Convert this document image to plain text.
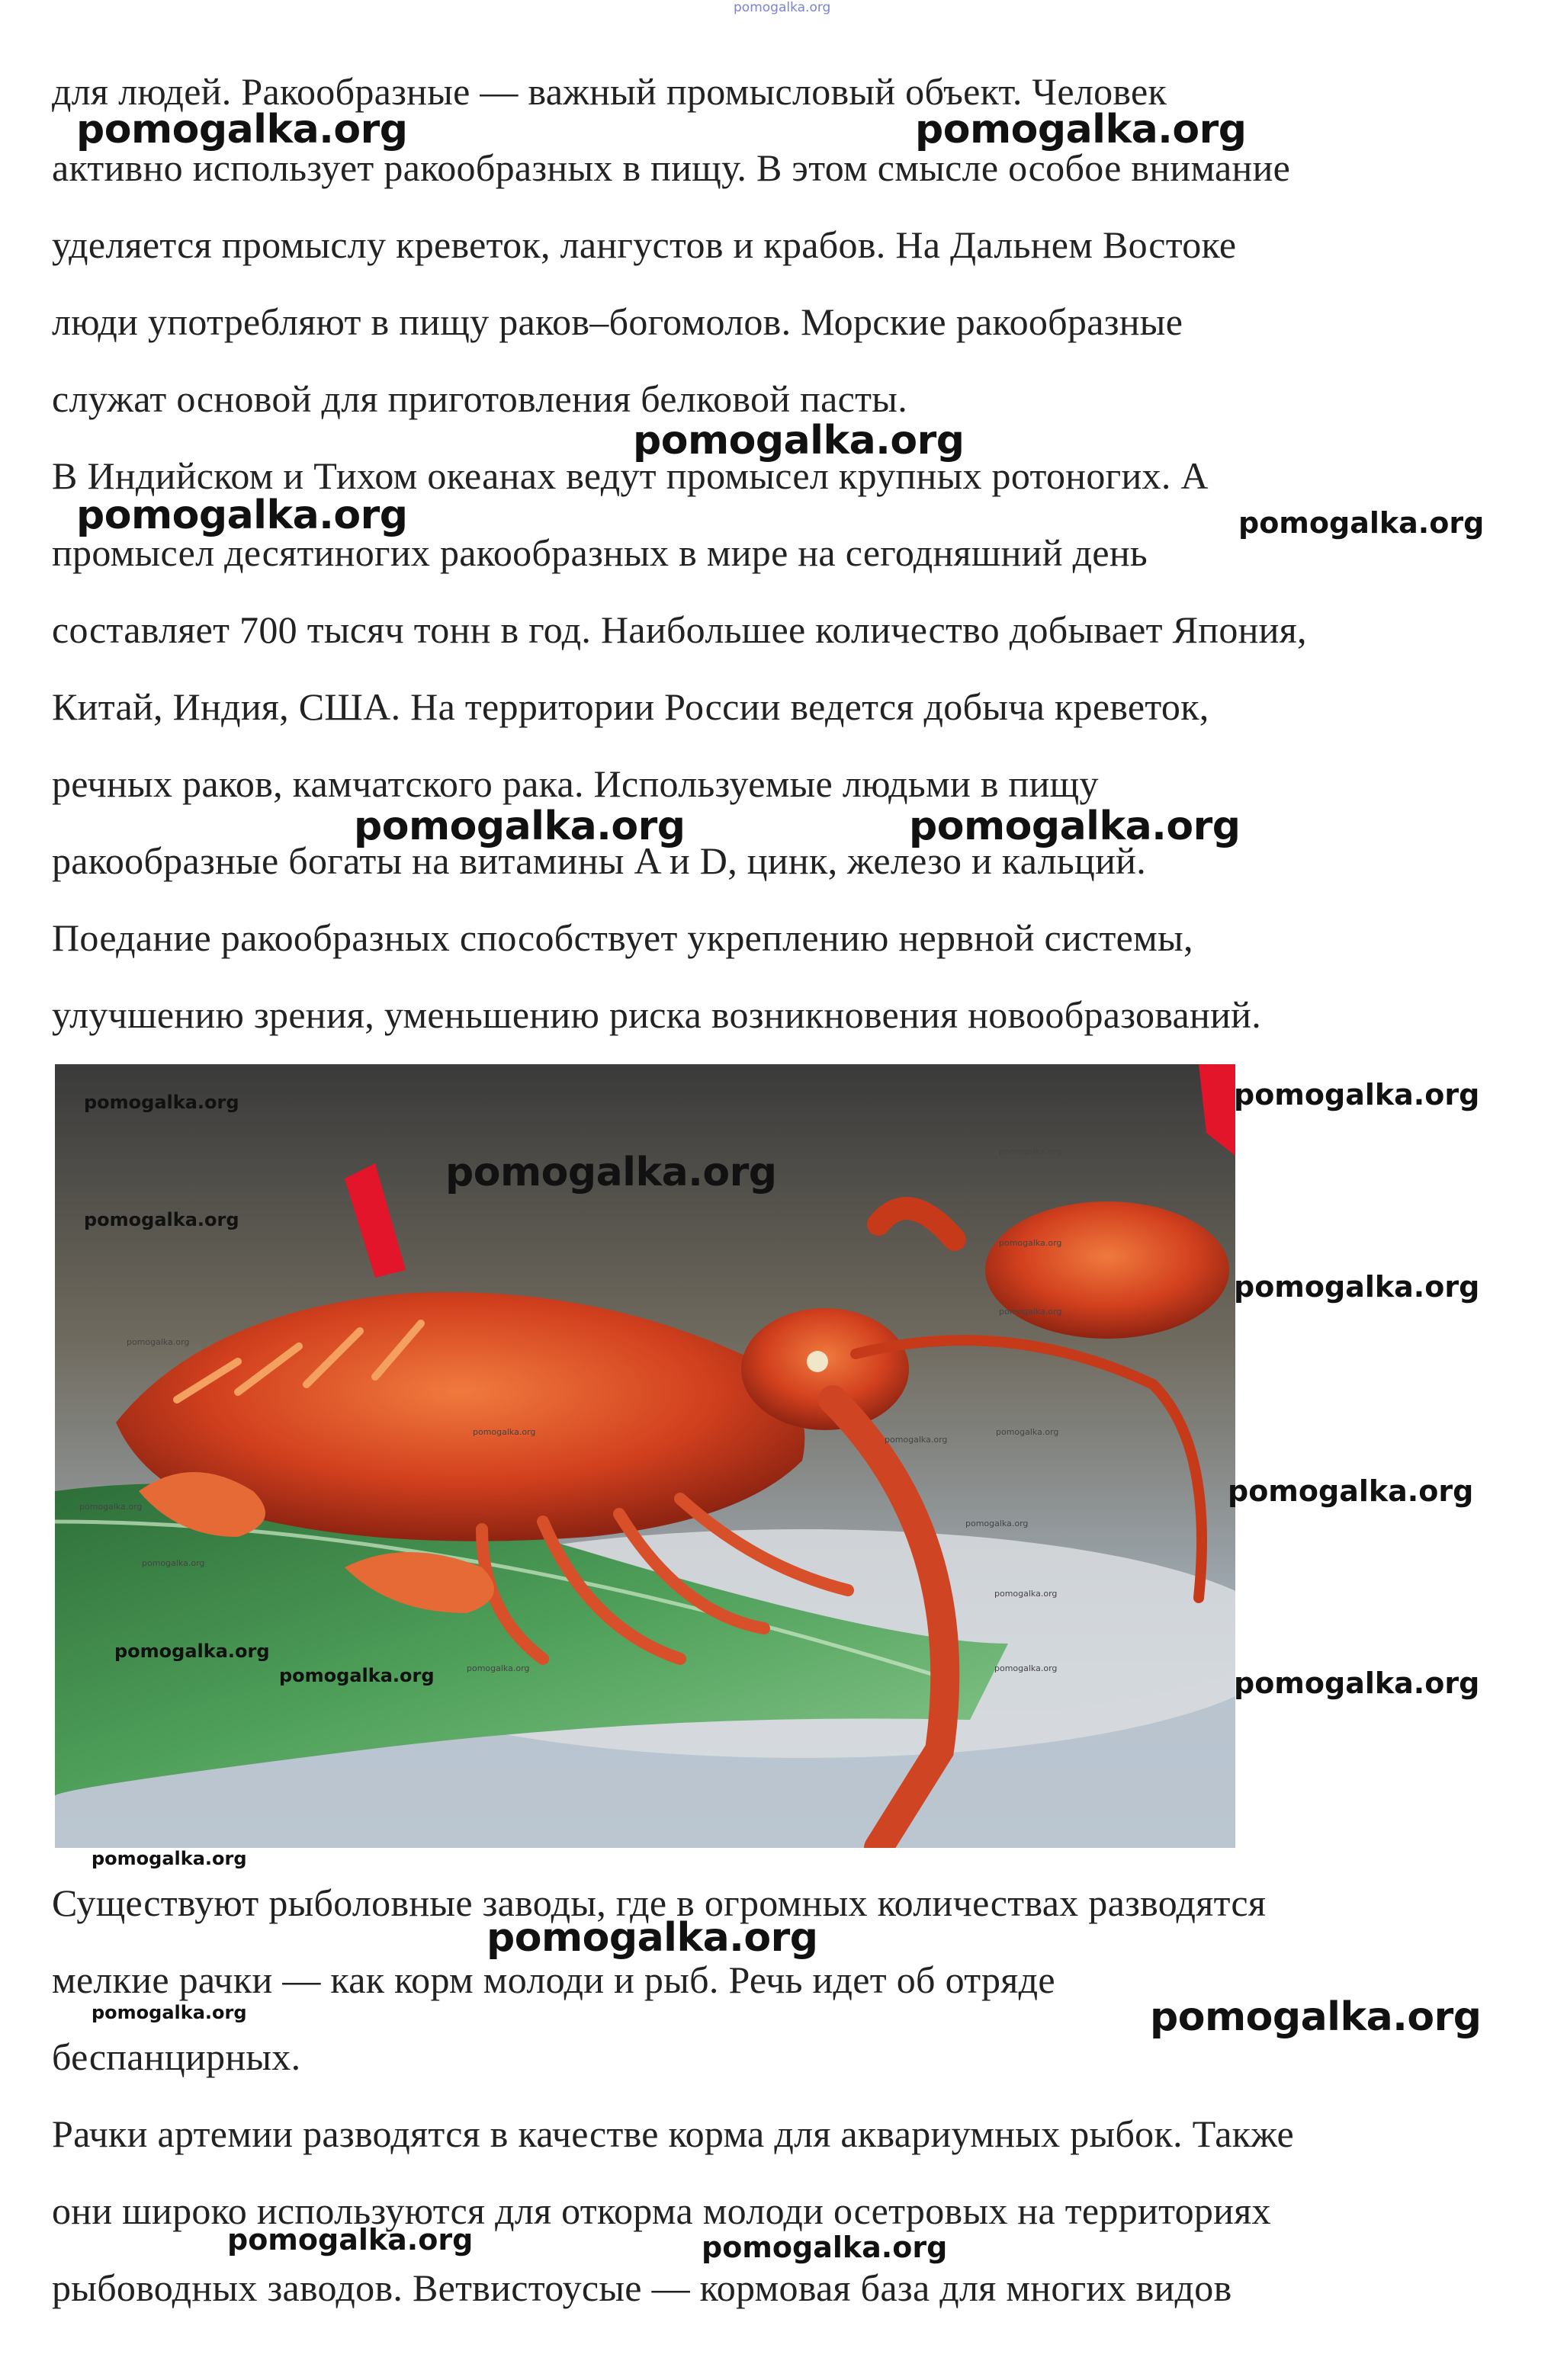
pomogalka.org

для людей. Ракообразные — важный промысловый объект. Человек

активно использует ракообразных в пищу. В этом смысле особое внимание

уделяется промыслу креветок, лангустов и крабов. На Дальнем Востоке

люди употребляют в пищу раков–богомолов. Морские ракообразные

служат основой для приготовления белковой пасты.

В Индийском и Тихом океанах ведут промысел крупных ротоногих. А

промысел десятиногих ракообразных в мире на сегодняшний день

составляет 700 тысяч тонн в год. Наибольшее количество добывает Япония,

Китай, Индия, США. На территории России ведется добыча креветок,

речных раков, камчатского рака. Используемые людьми в пищу

ракообразные богаты на витамины A и D, цинк, железо и кальций.

Поедание ракообразных способствует укреплению нервной системы,

улучшению зрения, уменьшению риска возникновения новообразований.

Существуют рыболовные заводы, где в огромных количествах разводятся

мелкие рачки — как корм молоди и рыб. Речь идет об отряде

беспанцирных.

Рачки артемии разводятся в качестве корма для аквариумных рыбок. Также

они широко используются для откорма молоди осетровых на территориях

рыбоводных заводов. Ветвистоусые — кормовая база для многих видов

pomogalka.org	pomogalka.org
pomogalka.org
pomogalka.org	pomogalka.org
pomogalka.org	pomogalka.org
pomogalka.org	pomogalka.org
pomogalka.org
pomogalka.org
pomogalka.org
pomogalka.org
pomogalka.org
pomogalka.org
pomogalka.org
pomogalka.org
pomogalka.org
pomogalka.org
pomogalka.org
pomogalka.org
pomogalka.org
pomogalka.org
pomogalka.org
pomogalka.org
pomogalka.org
pomogalka.org	pomogalka.org	pomogalka.org
pomogalka.org
pomogalka.org
pomogalka.org	pomogalka.org
pomogalka.org	pomogalka.org
